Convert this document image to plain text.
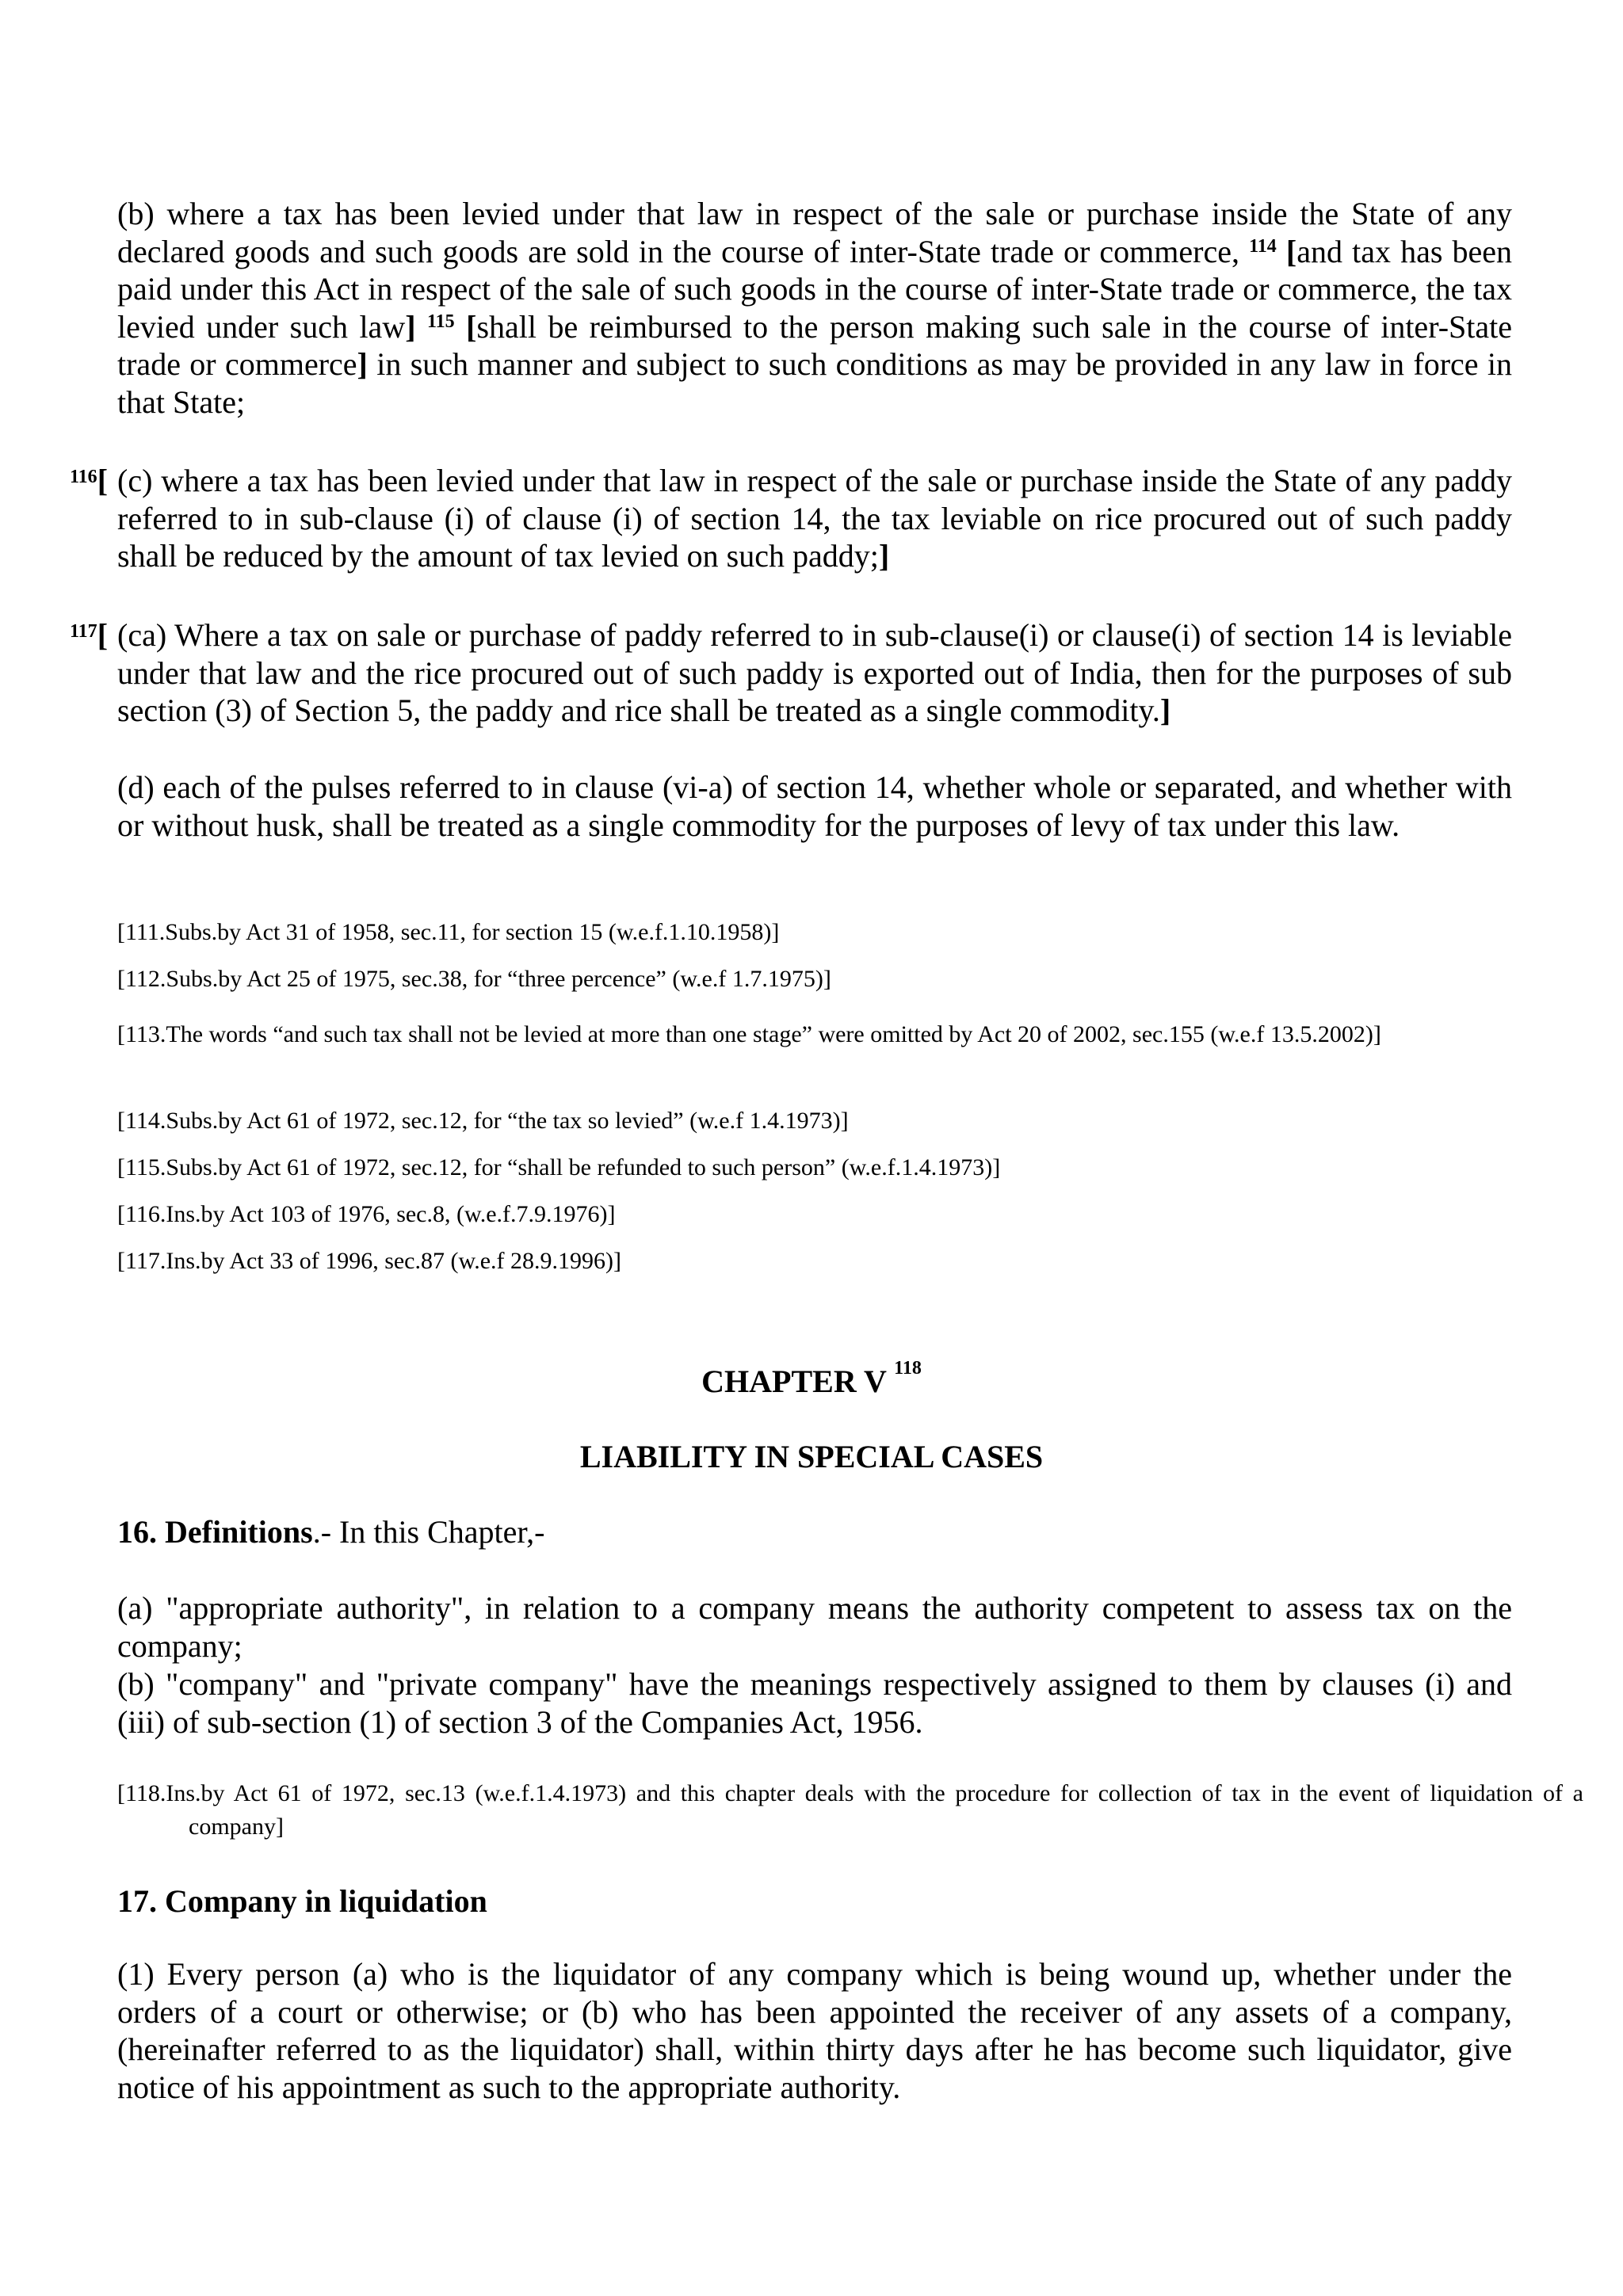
(b) where a tax has been levied under that law in respect of the sale or purchase inside the State of any declared goods and such goods are sold in the course of inter-State trade or commerce, $^{114}$ [and tax has been paid under this Act in respect of the sale of such goods in the course of inter-State trade or commerce, the tax levied under such law] $^{115}$ [shall be reimbursed to the person making such sale in the course of inter-State trade or commerce] in such manner and subject to such conditions as may be provided in any law in force in that State;

$^{116}$[ (c) where a tax has been levied under that law in respect of the sale or purchase inside the State of any paddy referred to in sub-clause (i) of clause (i) of section 14, the tax leviable on rice procured out of such paddy shall be reduced by the amount of tax levied on such paddy;]

$^{117}$[ (ca) Where a tax on sale or purchase of paddy referred to in sub-clause(i) or clause(i) of section 14 is leviable under that law and the rice procured out of such paddy is exported out of India, then for the purposes of sub section (3) of Section 5, the paddy and rice shall be treated as a single commodity.]

(d) each of the pulses referred to in clause (vi-a) of section 14, whether whole or separated, and whether with or without husk, shall be treated as a single commodity for the purposes of levy of tax under this law.

[111.Subs.by Act 31 of 1958, sec.11, for section 15 (w.e.f.1.10.1958)]

[112.Subs.by Act 25 of 1975, sec.38, for “three percence” (w.e.f 1.7.1975)]

[113.The words “and such tax shall not be levied at more than one stage” were omitted by Act 20 of 2002, sec.155 (w.e.f 13.5.2002)]

[114.Subs.by Act 61 of 1972, sec.12, for “the tax so levied” (w.e.f 1.4.1973)]

[115.Subs.by Act 61 of 1972, sec.12, for “shall be refunded to such person” (w.e.f.1.4.1973)]

[116.Ins.by Act 103 of 1976, sec.8, (w.e.f.7.9.1976)]

[117.Ins.by Act 33 of 1996, sec.87 (w.e.f 28.9.1996)]

CHAPTER V $^{118}$
LIABILITY IN SPECIAL CASES
16. Definitions.- In this Chapter,-

(a) "appropriate authority", in relation to a company means the authority competent to assess tax on the company;

(b) "company" and "private company" have the meanings respectively assigned to them by clauses (i) and (iii) of sub-section (1) of section 3 of the Companies Act, 1956.

[118.Ins.by Act 61 of 1972, sec.13 (w.e.f.1.4.1973) and this chapter deals with the procedure for collection of tax in the event of liquidation of a company]

17. Company in liquidation

(1) Every person (a) who is the liquidator of any company which is being wound up, whether under the orders of a court or otherwise; or (b) who has been appointed the receiver of any assets of a company, (hereinafter referred to as the liquidator) shall, within thirty days after he has become such liquidator, give notice of his appointment as such to the appropriate authority.
